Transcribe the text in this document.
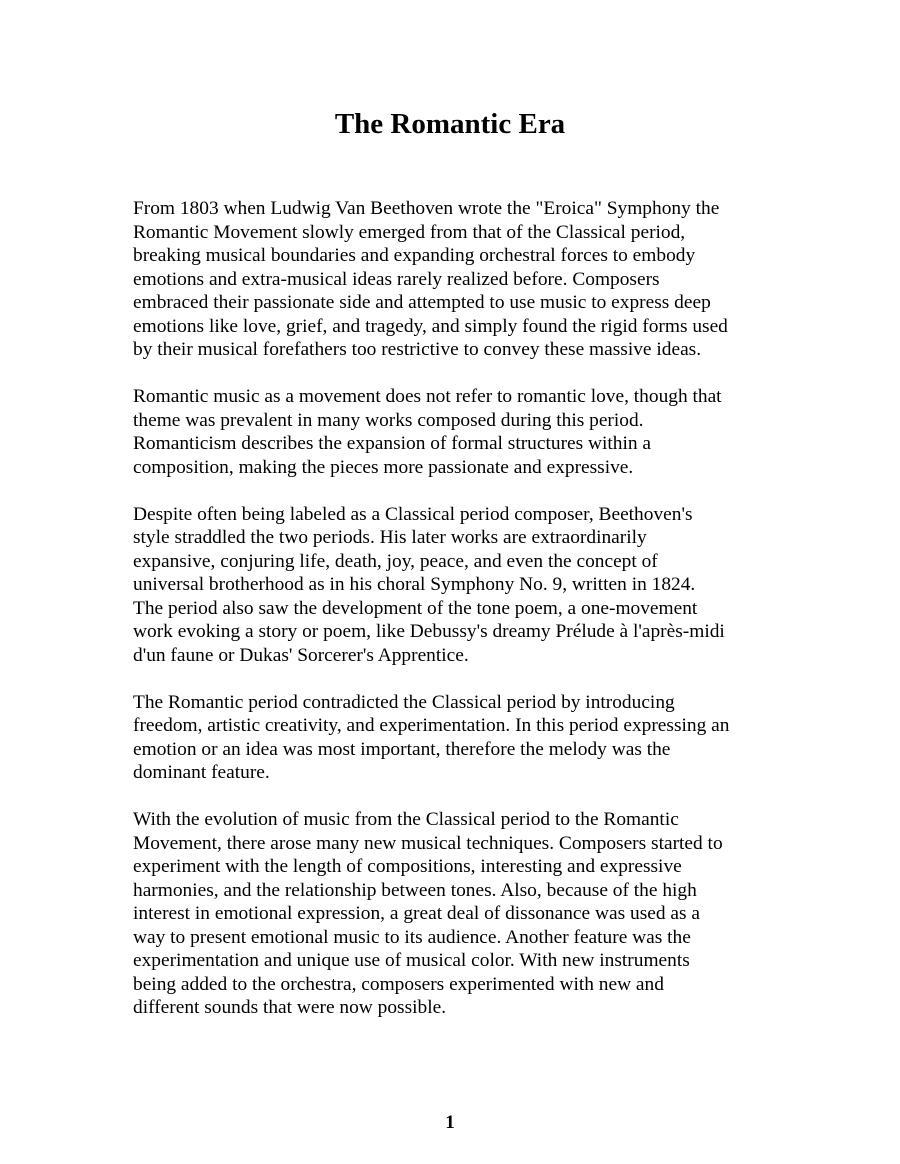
The Romantic Era

From 1803 when Ludwig Van Beethoven wrote the "Eroica" Symphony the
Romantic Movement slowly emerged from that of the Classical period,
breaking musical boundaries and expanding orchestral forces to embody
emotions and extra-musical ideas rarely realized before. Composers
embraced their passionate side and attempted to use music to express deep
emotions like love, grief, and tragedy, and simply found the rigid forms used
by their musical forefathers too restrictive to convey these massive ideas.

Romantic music as a movement does not refer to romantic love, though that
theme was prevalent in many works composed during this period.
Romanticism describes the expansion of formal structures within a
composition, making the pieces more passionate and expressive.

Despite often being labeled as a Classical period composer, Beethoven's
style straddled the two periods. His later works are extraordinarily
expansive, conjuring life, death, joy, peace, and even the concept of
universal brotherhood as in his choral Symphony No. 9, written in 1824.
The period also saw the development of the tone poem, a one-movement
work evoking a story or poem, like Debussy's dreamy Prélude à l'après-midi
d'un faune or Dukas' Sorcerer's Apprentice.

The Romantic period contradicted the Classical period by introducing
freedom, artistic creativity, and experimentation. In this period expressing an
emotion or an idea was most important, therefore the melody was the
dominant feature.

With the evolution of music from the Classical period to the Romantic
Movement, there arose many new musical techniques. Composers started to
experiment with the length of compositions, interesting and expressive
harmonies, and the relationship between tones. Also, because of the high
interest in emotional expression, a great deal of dissonance was used as a
way to present emotional music to its audience. Another feature was the
experimentation and unique use of musical color. With new instruments
being added to the orchestra, composers experimented with new and
different sounds that were now possible.

1
